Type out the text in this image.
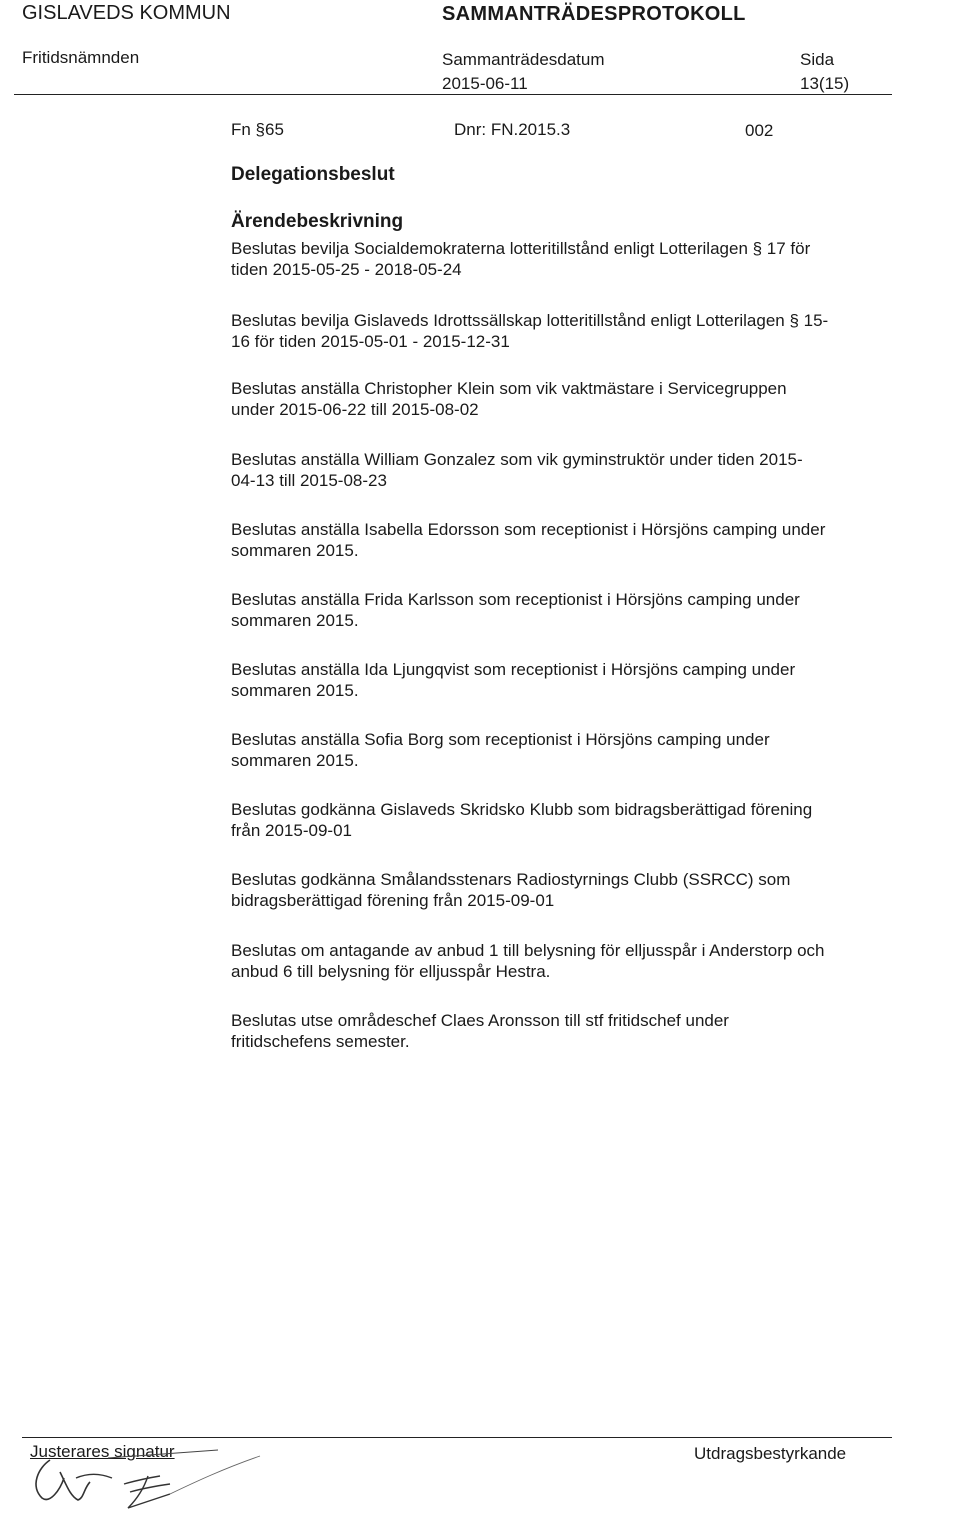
GISLAVEDS KOMMUN	SAMMANTRÄDESPROTOKOLL
Fritidsnämnden	Sammanträdesdatum
2015-06-11
Sida
13(15)
Fn §65	Dnr: FN.2015.3	002
Delegationsbeslut
Ärendebeskrivning
Beslutas bevilja Socialdemokraterna lotteritillstånd enligt Lotterilagen § 17 för
tiden 2015-05-25 - 2018-05-24
Beslutas bevilja Gislaveds Idrottssällskap lotteritillstånd enligt Lotterilagen § 15-
16 för tiden 2015-05-01 - 2015-12-31
Beslutas anställa Christopher Klein som vik vaktmästare i Servicegruppen
under 2015-06-22 till 2015-08-02
Beslutas anställa William Gonzalez som vik gyminstruktör under tiden 2015-
04-13 till 2015-08-23
Beslutas anställa Isabella Edorsson som receptionist i Hörsjöns camping under
sommaren 2015.
Beslutas anställa Frida Karlsson som receptionist i Hörsjöns camping under
sommaren 2015.
Beslutas anställa Ida Ljungqvist som receptionist i Hörsjöns camping under
sommaren 2015.
Beslutas anställa Sofia Borg som receptionist i Hörsjöns camping under
sommaren 2015.
Beslutas godkänna Gislaveds Skridsko Klubb som bidragsberättigad förening
från 2015-09-01
Beslutas godkänna Smålandsstenars Radiostyrnings Clubb (SSRCC) som
bidragsberättigad förening från 2015-09-01
Beslutas om antagande av anbud 1 till belysning för elljusspår i Anderstorp och
anbud 6 till belysning för elljusspår Hestra.
Beslutas utse områdeschef Claes Aronsson till stf fritidschef under
fritidschefens semester.
Justerares signatur	Utdragsbestyrkande
